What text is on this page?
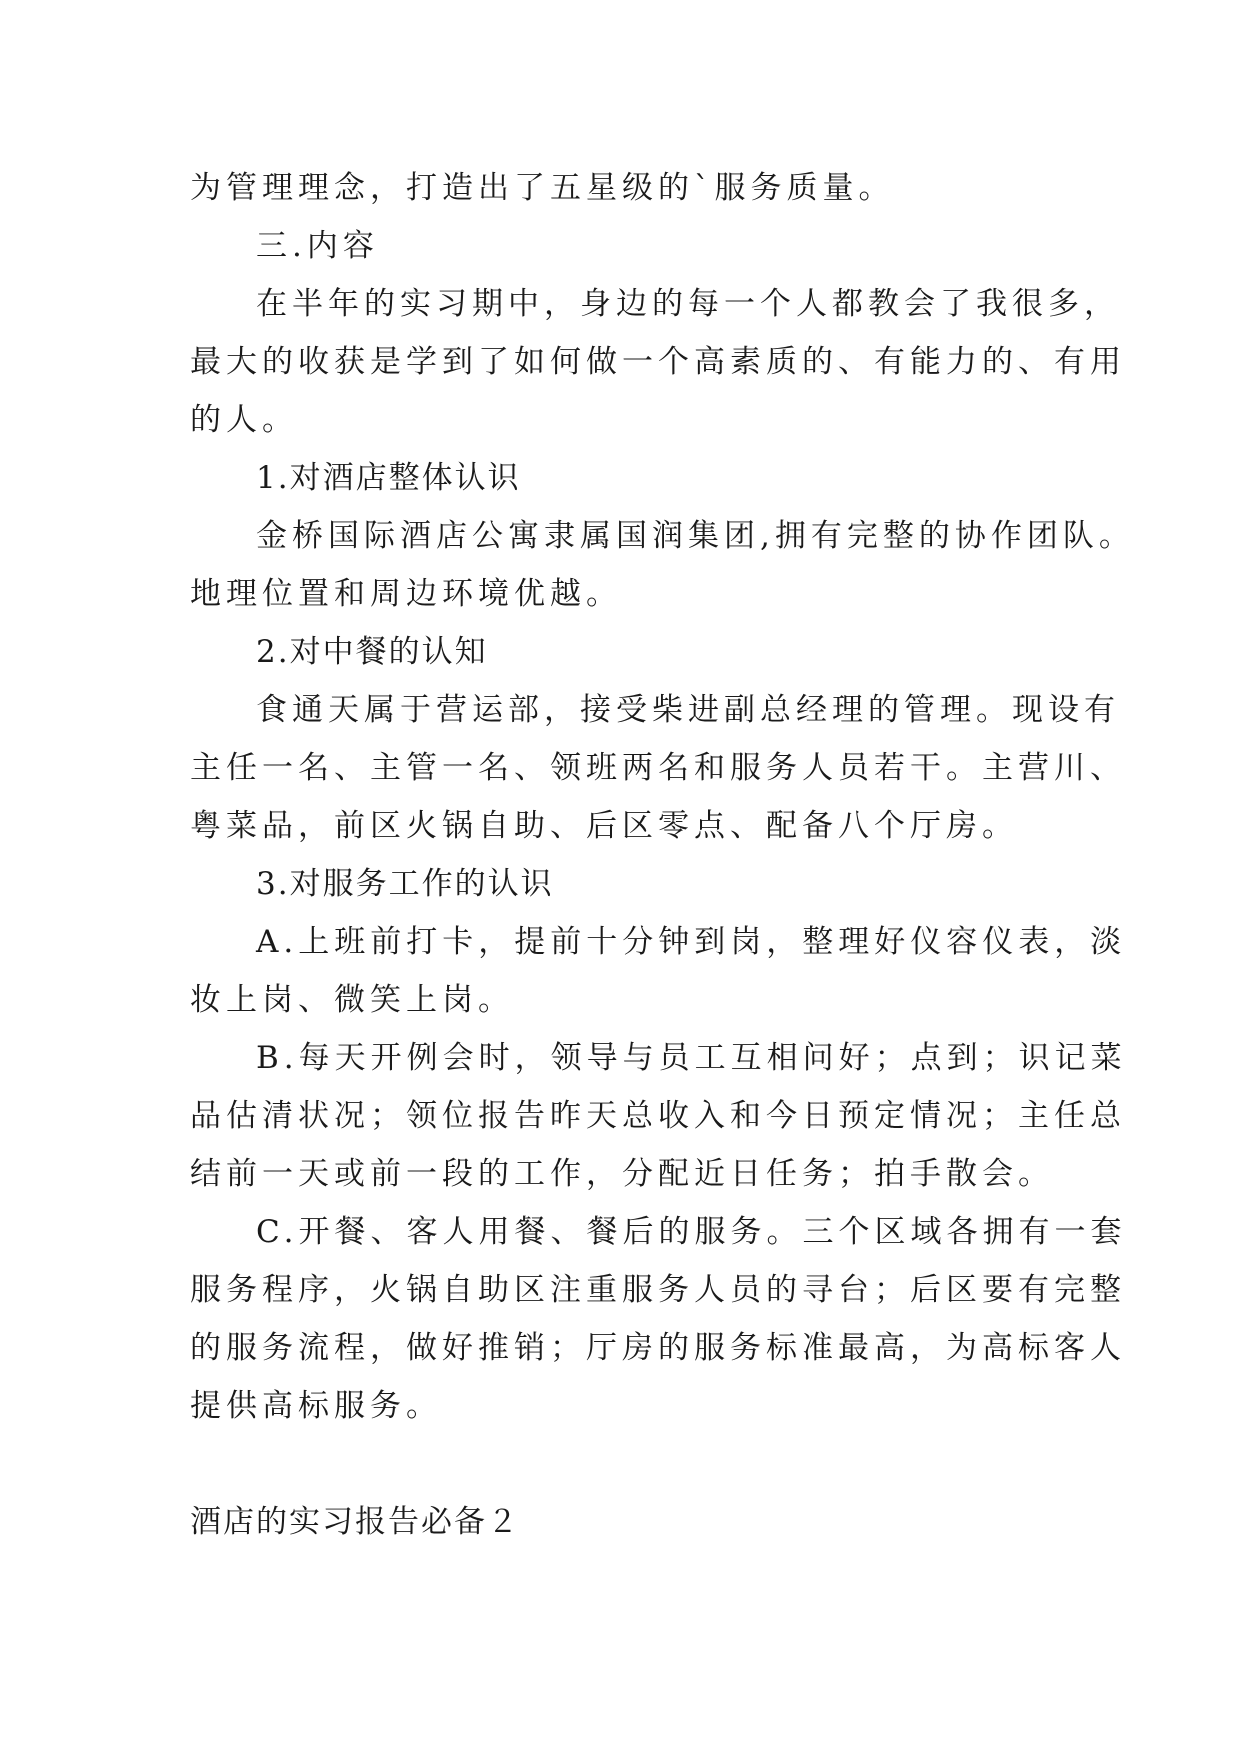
为管理理念，打造出了五星级的`服务质量。
三.内容
在半年的实习期中，身边的每一个人都教会了我很多，
最大的收获是学到了如何做一个高素质的、有能力的、有用
的人。
1.对酒店整体认识
金桥国际酒店公寓隶属国润集团,拥有完整的协作团队。
地理位置和周边环境优越。
2.对中餐的认知
食通天属于营运部，接受柴进副总经理的管理。现设有
主任一名、主管一名、领班两名和服务人员若干。主营川、
粤菜品，前区火锅自助、后区零点、配备八个厅房。
3.对服务工作的认识
A.上班前打卡，提前十分钟到岗，整理好仪容仪表，淡
妆上岗、微笑上岗。
B.每天开例会时，领导与员工互相问好；点到；识记菜
品估清状况；领位报告昨天总收入和今日预定情况；主任总
结前一天或前一段的工作，分配近日任务；拍手散会。
C.开餐、客人用餐、餐后的服务。三个区域各拥有一套
服务程序，火锅自助区注重服务人员的寻台；后区要有完整
的服务流程，做好推销；厅房的服务标准最高，为高标客人
提供高标服务。
酒店的实习报告必备２
